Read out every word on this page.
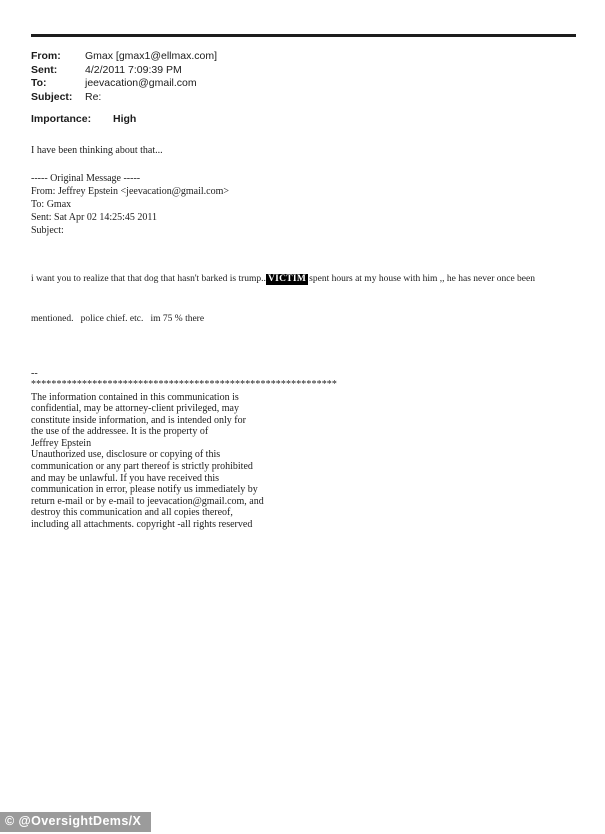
From:	Gmax [gmax1@ellmax.com]
Sent:	4/2/2011 7:09:39 PM
To:	jeevacation@gmail.com
Subject:	Re:
Importance:	High
I have been thinking about that...
----- Original Message -----
From: Jeffrey Epstein <jeevacation@gmail.com>
To: Gmax
Sent: Sat Apr 02 14:25:45 2011
Subject:

i want you to realize that that dog that hasn't barked is trump.. VICTIM spent hours at my house with him ,, he has never once been

mentioned.   police chief. etc.   im 75 % there

--
************************************************************
The information contained in this communication is
confidential, may be attorney-client privileged, may
constitute inside information, and is intended only for
the use of the addressee. It is the property of
Jeffrey Epstein
Unauthorized use, disclosure or copying of this
communication or any part thereof is strictly prohibited
and may be unlawful. If you have received this
communication in error, please notify us immediately by
return e-mail or by e-mail to jeevacation@gmail.com, and
destroy this communication and all copies thereof,
including all attachments. copyright -all rights reserved
© @OversightDems/X
